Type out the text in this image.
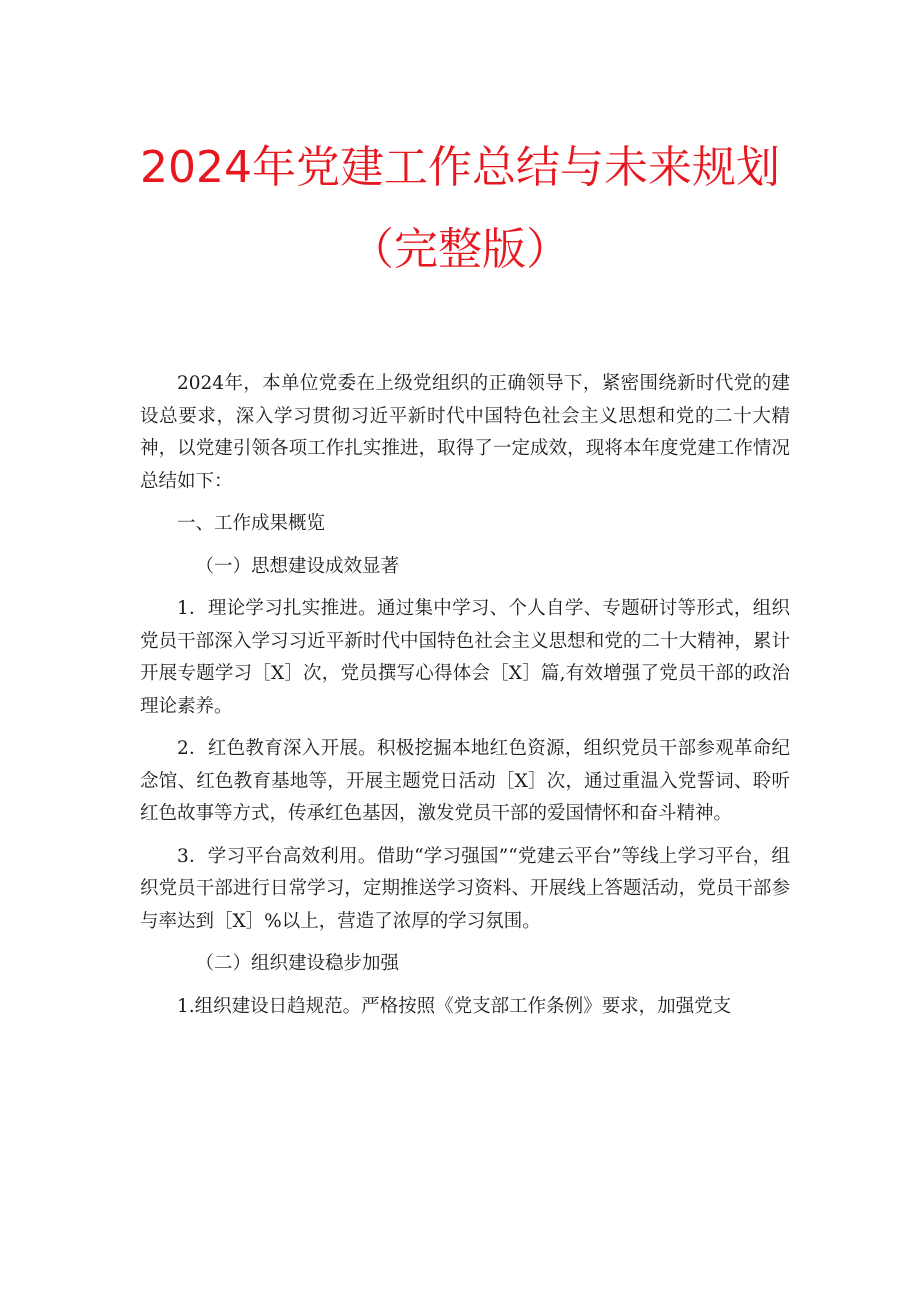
2024年党建工作总结与未来规划
（完整版）

2024年，本单位党委在上级党组织的正确领导下，紧密围绕新时代党的建设总要求，深入学习贯彻习近平新时代中国特色社会主义思想和党的二十大精神，以党建引领各项工作扎实推进，取得了一定成效，现将本年度党建工作情况总结如下：

一、工作成果概览

（一）思想建设成效显著

1．理论学习扎实推进。通过集中学习、个人自学、专题研讨等形式，组织党员干部深入学习习近平新时代中国特色社会主义思想和党的二十大精神，累计开展专题学习［X］次，党员撰写心得体会［X］篇,有效增强了党员干部的政治理论素养。

2．红色教育深入开展。积极挖掘本地红色资源，组织党员干部参观革命纪念馆、红色教育基地等，开展主题党日活动［X］次，通过重温入党誓词、聆听红色故事等方式，传承红色基因，激发党员干部的爱国情怀和奋斗精神。

3．学习平台高效利用。借助“学习强国”“党建云平台”等线上学习平台，组织党员干部进行日常学习，定期推送学习资料、开展线上答题活动，党员干部参与率达到［X］%以上，营造了浓厚的学习氛围。

（二）组织建设稳步加强

1.组织建设日趋规范。严格按照《党支部工作条例》要求，加强党支
